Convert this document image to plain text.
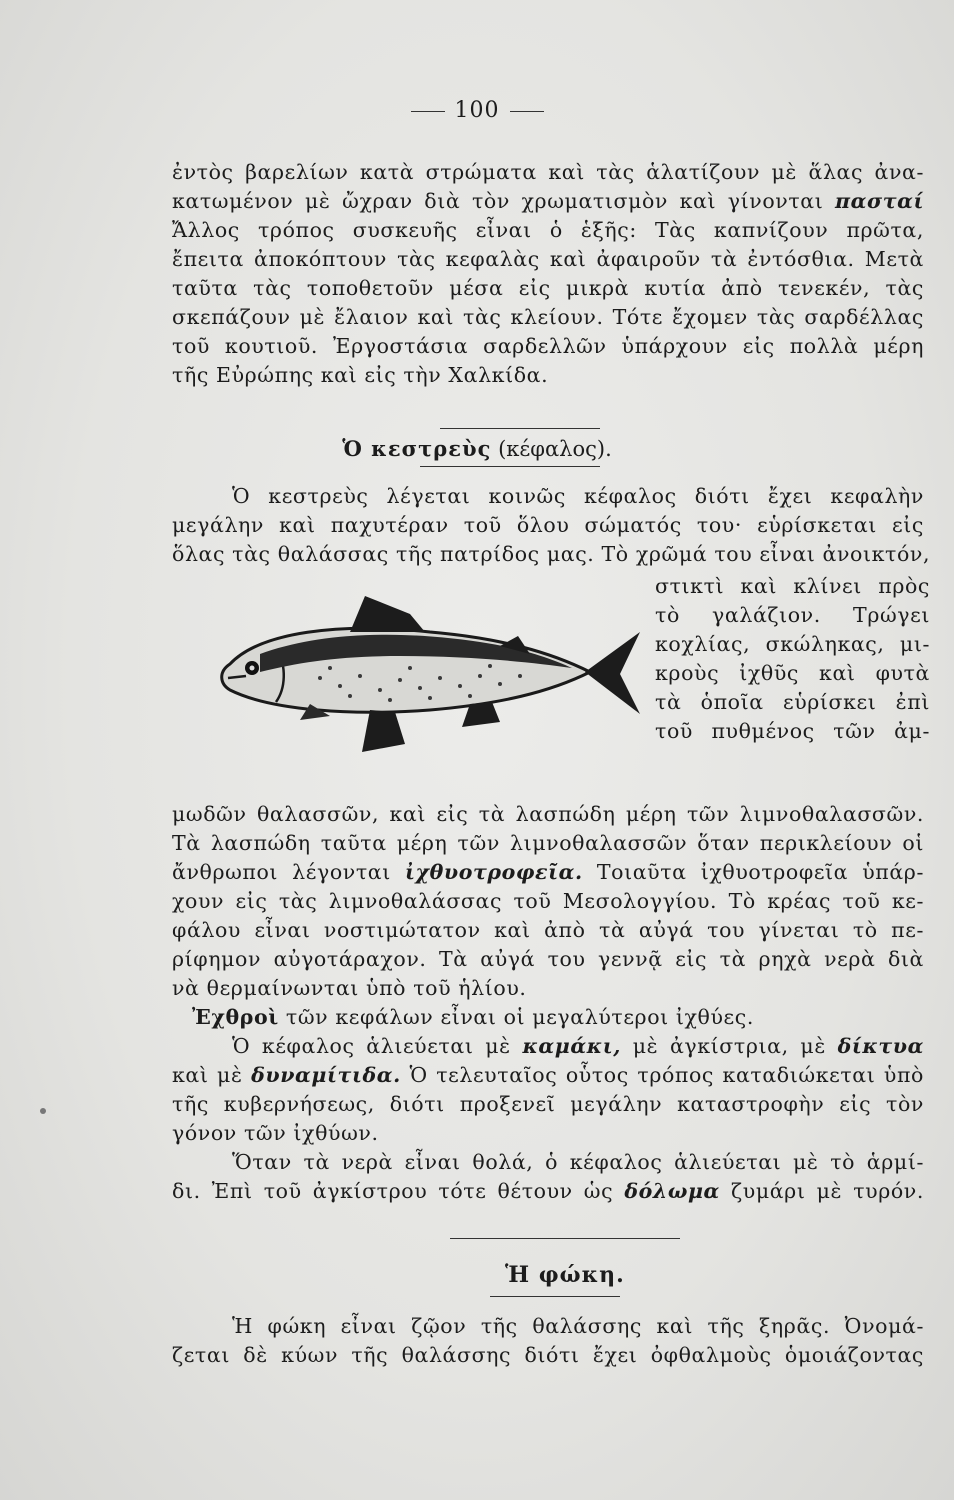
100
ἐντὸς βαρελίων κατὰ στρώματα καὶ τὰς ἁλατίζουν μὲ ἅλας ἀνα-
κατωμένον μὲ ὤχραν διὰ τὸν χρωματισμὸν καὶ γίνονται πασταί
Ἄλλος τρόπος συσκευῆς εἶναι ὁ ἑξῆς: Τὰς καπνίζουν πρῶτα,
ἔπειτα ἀποκόπτουν τὰς κεφαλὰς καὶ ἀφαιροῦν τὰ ἐντόσθια. Μετὰ
ταῦτα τὰς τοποθετοῦν μέσα εἰς μικρὰ κυτία ἀπὸ τενεκέν, τὰς
σκεπάζουν μὲ ἔλαιον καὶ τὰς κλείουν. Τότε ἔχομεν τὰς σαρδέλλας
τοῦ κουτιοῦ. Ἐργοστάσια σαρδελλῶν ὑπάρχουν εἰς πολλὰ μέρη
τῆς Εὐρώπης καὶ εἰς τὴν Χαλκίδα.
Ὁ κεστρεὺς (κέφαλος).
Ὁ κεστρεὺς λέγεται κοινῶς κέφαλος διότι ἔχει κεφαλὴν
μεγάλην καὶ παχυτέραν τοῦ ὅλου σώματός του· εὑρίσκεται εἰς
ὅλας τὰς θαλάσσας τῆς πατρίδος μας. Τὸ χρῶμά του εἶναι ἀνοικτόν,
στικτὶ καὶ κλίνει πρὸς
τὸ γαλάζιον. Τρώγει
κοχλίας, σκώληκας, μι-
κροὺς ἰχθῦς καὶ φυτὰ
τὰ ὁποῖα εὑρίσκει ἐπὶ
τοῦ πυθμένος τῶν ἀμ-
μωδῶν θαλασσῶν, καὶ εἰς τὰ λασπώδη μέρη τῶν λιμνοθαλασσῶν.
Τὰ λασπώδη ταῦτα μέρη τῶν λιμνοθαλασσῶν ὅταν περικλείουν οἱ
ἄνθρωποι λέγονται ἰχθυοτροφεῖα. Τοιαῦτα ἰχθυοτροφεῖα ὑπάρ-
χουν εἰς τὰς λιμνοθαλάσσας τοῦ Μεσολογγίου. Τὸ κρέας τοῦ κε-
φάλου εἶναι νοστιμώτατον καὶ ἀπὸ τὰ αὐγά του γίνεται τὸ πε-
ρίφημον αὐγοτάραχον. Τὰ αὐγά του γεννᾷ εἰς τὰ ρηχὰ νερὰ διὰ
νὰ θερμαίνωνται ὑπὸ τοῦ ἡλίου.
Ἐχθροὶ τῶν κεφάλων εἶναι οἱ μεγαλύτεροι ἰχθύες.
Ὁ κέφαλος ἁλιεύεται μὲ καμάκι, μὲ ἀγκίστρια, μὲ δίκτυα
καὶ μὲ δυναμίτιδα. Ὁ τελευταῖος οὗτος τρόπος καταδιώκεται ὑπὸ
τῆς κυβερνήσεως, διότι προξενεῖ μεγάλην καταστροφὴν εἰς τὸν
γόνον τῶν ἰχθύων.
Ὅταν τὰ νερὰ εἶναι θολά, ὁ κέφαλος ἁλιεύεται μὲ τὸ ἁρμί-
δι. Ἐπὶ τοῦ ἀγκίστρου τότε θέτουν ὡς δόλωμα ζυμάρι μὲ τυρόν.
Ἡ φώκη.
Ἡ φώκη εἶναι ζῷον τῆς θαλάσσης καὶ τῆς ξηρᾶς. Ὀνομά-
ζεται δὲ κύων τῆς θαλάσσης διότι ἔχει ὀφθαλμοὺς ὁμοιάζοντας
